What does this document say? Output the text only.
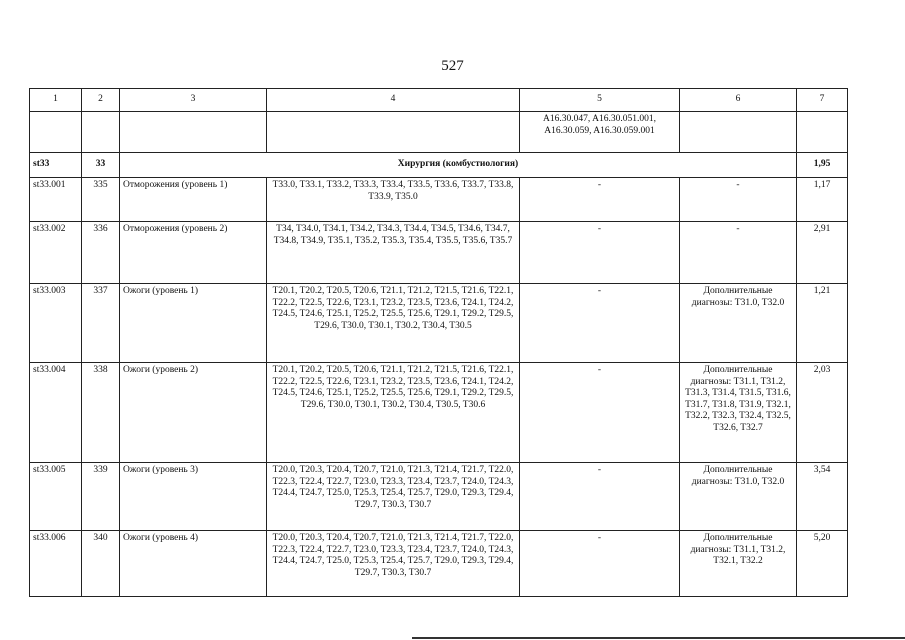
527
1	2	3	4	5	6	7
				A16.30.047, A16.30.051.001, A16.30.059, A16.30.059.001		
st33	33	Хирургия (комбустиология)				1,95
st33.001	335	Отморожения (уровень 1)	T33.0, T33.1, T33.2, T33.3, T33.4, T33.5, T33.6, T33.7, T33.8, T33.9, T35.0	-	-	1,17
st33.002	336	Отморожения (уровень 2)	T34, T34.0, T34.1, T34.2, T34.3, T34.4, T34.5, T34.6, T34.7, T34.8, T34.9, T35.1, T35.2, T35.3, T35.4, T35.5, T35.6, T35.7	-	-	2,91
st33.003	337	Ожоги (уровень 1)	T20.1, T20.2, T20.5, T20.6, T21.1, T21.2, T21.5, T21.6, T22.1, T22.2, T22.5, T22.6, T23.1, T23.2, T23.5, T23.6, T24.1, T24.2, T24.5, T24.6, T25.1, T25.2, T25.5, T25.6, T29.1, T29.2, T29.5, T29.6, T30.0, T30.1, T30.2, T30.4, T30.5	-	Дополнительные диагнозы: T31.0, T32.0	1,21
st33.004	338	Ожоги (уровень 2)	T20.1, T20.2, T20.5, T20.6, T21.1, T21.2, T21.5, T21.6, T22.1, T22.2, T22.5, T22.6, T23.1, T23.2, T23.5, T23.6, T24.1, T24.2, T24.5, T24.6, T25.1, T25.2, T25.5, T25.6, T29.1, T29.2, T29.5, T29.6, T30.0, T30.1, T30.2, T30.4, T30.5, T30.6	-	Дополнительные диагнозы: T31.1, T31.2, T31.3, T31.4, T31.5, T31.6, T31.7, T31.8, T31.9, T32.1, T32.2, T32.3, T32.4, T32.5, T32.6, T32.7	2,03
st33.005	339	Ожоги (уровень 3)	T20.0, T20.3, T20.4, T20.7, T21.0, T21.3, T21.4, T21.7, T22.0, T22.3, T22.4, T22.7, T23.0, T23.3, T23.4, T23.7, T24.0, T24.3, T24.4, T24.7, T25.0, T25.3, T25.4, T25.7, T29.0, T29.3, T29.4, T29.7, T30.3, T30.7	-	Дополнительные диагнозы: T31.0, T32.0	3,54
st33.006	340	Ожоги (уровень 4)	T20.0, T20.3, T20.4, T20.7, T21.0, T21.3, T21.4, T21.7, T22.0, T22.3, T22.4, T22.7, T23.0, T23.3, T23.4, T23.7, T24.0, T24.3, T24.4, T24.7, T25.0, T25.3, T25.4, T25.7, T29.0, T29.3, T29.4, T29.7, T30.3, T30.7	-	Дополнительные диагнозы: T31.1, T31.2, T32.1, T32.2	5,20
